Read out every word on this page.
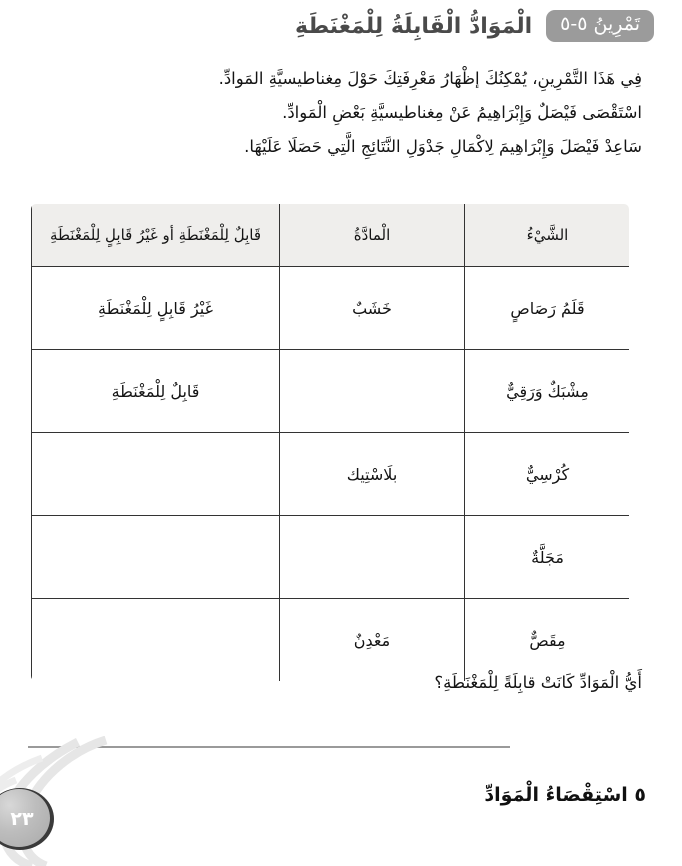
تَمْرِينُ ٥-٥
الْمَوَادُّ الْقَابِلَةُ لِلْمَغْنَطَةِ
فِي هَذَا التَّمْرِينِ، يُمْكِنُكَ إظْهَارُ مَعْرِفَتِكَ حَوْلَ مِغناطيسيَّةِ المَوادِّ.
اسْتَقْصَى فَيْصَلٌ وَإِبْرَاهِيمُ عَنْ مِغناطيسيَّةِ بَعْضِ الْمَوادِّ.
سَاعِدْ فَيْصَلَ وَإِبْرَاهِيمَ لِاكْمَالِ جَدْوَلِ النَّتَائِجِ الَّتِي حَصَلَا عَلَيْهَا.
الشَّيْءُ	الْمادَّةُ	قَابِلٌ لِلْمَغْنَطَةِ أو غَيْرُ قَابِلٍ لِلْمَغْنَطَةِ
قَلَمُ رَصَاصٍ	خَشَبٌ	غَيْرُ قَابِلٍ لِلْمَغْنَطَةِ
مِشْبَكٌ وَرَقِيٌّ		قَابِلٌ لِلْمَغْنَطَةِ
كُرْسِيٌّ	بلَاسْتِيك	
مَجَلَّةٌ		
مِقَصٌّ	مَعْدِنٌ	
أَيُّ الْمَوَادِّ كَانَتْ قابِلَةً لِلْمَغْنَطَةِ؟
٥ اسْتِقْصَاءُ الْمَوَادِّ
٢٣
